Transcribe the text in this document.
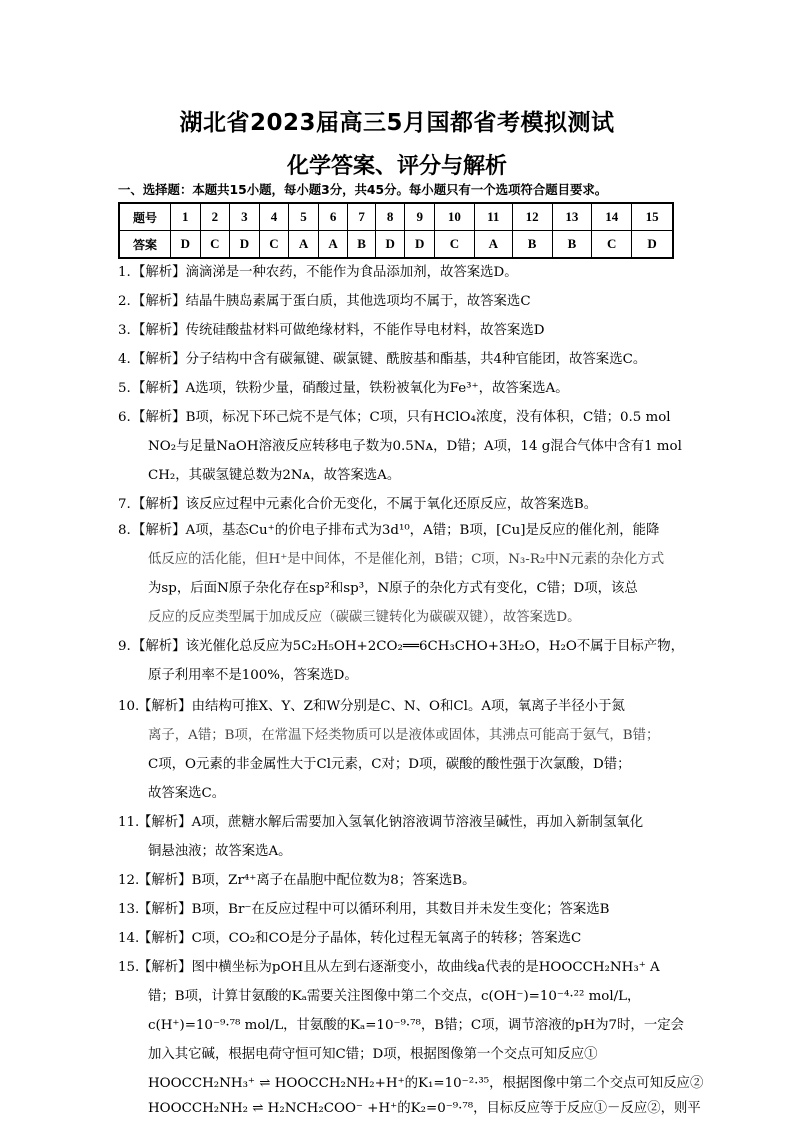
湖北省2023届高三5月国都省考模拟测试
化学答案、评分与解析
一、选择题：本题共15小题，每小题3分，共45分。每小题只有一个选项符合题目要求。
题号	1	2	3	4	5	6	7	8	9	10	11	12	13	14	15
答案	D	C	D	C	A	A	B	D	D	C	A	B	B	C	D
1.【解析】滴滴涕是一种农药，不能作为食品添加剂，故答案选D。
2.【解析】结晶牛胰岛素属于蛋白质，其他选项均不属于，故答案选C
3.【解析】传统硅酸盐材料可做绝缘材料，不能作导电材料，故答案选D
4.【解析】分子结构中含有碳氟键、碳氯键、酰胺基和酯基，共4种官能团，故答案选C。
5.【解析】A选项，铁粉少量，硝酸过量，铁粉被氧化为Fe³⁺，故答案选A。
6.【解析】B项，标况下环己烷不是气体；C项，只有HClO₄浓度，没有体积，C错；0.5 mol
NO₂与足量NaOH溶液反应转移电子数为0.5Nᴀ，D错；A项，14 g混合气体中含有1 mol
CH₂，其碳氢键总数为2Nᴀ，故答案选A。
7.【解析】该反应过程中元素化合价无变化，不属于氧化还原反应，故答案选B。
8.【解析】A项，基态Cu⁺的价电子排布式为3d¹⁰，A错；B项，[Cu]是反应的催化剂，能降
低反应的活化能，但H⁺是中间体，不是催化剂，B错；C项，N₃-R₂中N元素的杂化方式
为sp，后面N原子杂化存在sp²和sp³，N原子的杂化方式有变化，C错；D项，该总
反应的反应类型属于加成反应（碳碳三键转化为碳碳双键），故答案选D。
9.【解析】该光催化总反应为5C₂H₅OH+2CO₂══6CH₃CHO+3H₂O，H₂O不属于目标产物，
原子利用率不是100%，答案选D。
10.【解析】由结构可推X、Y、Z和W分别是C、N、O和Cl。A项，氧离子半径小于氮
离子，A错；B项，在常温下烃类物质可以是液体或固体，其沸点可能高于氨气，B错；
C项，O元素的非金属性大于Cl元素，C对；D项，碳酸的酸性强于次氯酸，D错；
故答案选C。
11.【解析】A项，蔗糖水解后需要加入氢氧化钠溶液调节溶液呈碱性，再加入新制氢氧化
铜悬浊液；故答案选A。
12.【解析】B项，Zr⁴⁺离子在晶胞中配位数为8；答案选B。
13.【解析】B项，Br⁻在反应过程中可以循环利用，其数目并未发生变化；答案选B
14.【解析】C项，CO₂和CO是分子晶体，转化过程无氧离子的转移；答案选C
15.【解析】图中横坐标为pOH且从左到右逐渐变小，故曲线a代表的是HOOCCH₂NH₃⁺ A
错；B项，计算甘氨酸的Kₐ需要关注图像中第二个交点，c(OH⁻)=10⁻⁴·²² mol/L，
c(H⁺)=10⁻⁹·⁷⁸ mol/L，甘氨酸的Kₐ=10⁻⁹·⁷⁸，B错；C项，调节溶液的pH为7时，一定会
加入其它碱，根据电荷守恒可知C错；D项，根据图像第一个交点可知反应①
HOOCCH₂NH₃⁺ ⇌ HOOCCH₂NH₂+H⁺的K₁=10⁻²·³⁵，根据图像中第二个交点可知反应②
HOOCCH₂NH₂ ⇌ H₂NCH₂COO⁻ +H⁺的K₂=0⁻⁹·⁷⁸，目标反应等于反应①－反应②，则平
